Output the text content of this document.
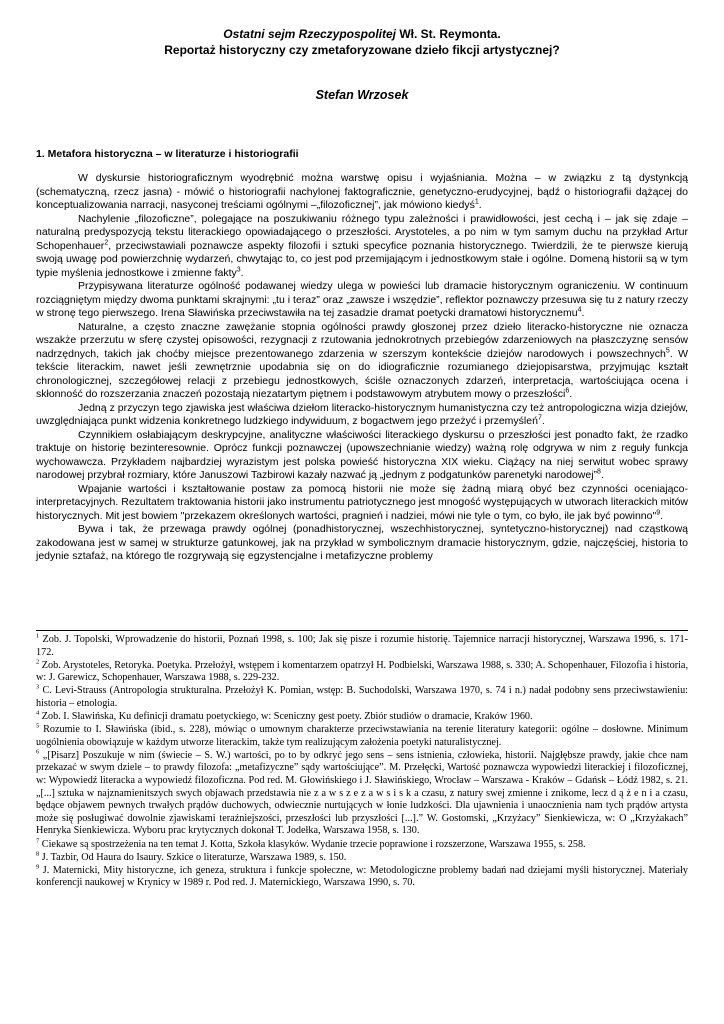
Ostatni sejm Rzeczypospolitej Wł. St. Reymonta.
Reportaż historyczny czy zmetaforyzowane dzieło fikcji artystycznej?
Stefan Wrzosek
1. Metafora historyczna – w literaturze i historiografii

W dyskursie historiograficznym wyodrębnić można warstwę opisu i wyjaśniania. Można – w związku z tą dystynkcją (schematyczną, rzecz jasna) - mówić o historiografii nachylonej faktograficznie, genetyczno-erudycyjnej, bądź o historiografii dążącej do konceptualizowania narracji, nasyconej treściami ogólnymi –„filozoficznej”, jak mówiono kiedyś$^1$.

Nachylenie „filozoficzne”, polegające na poszukiwaniu różnego typu zależności i prawidłowości, jest cechą i – jak się zdaje – naturalną predyspozycją tekstu literackiego opowiadającego o przeszłości. Arystoteles, a po nim w tym samym duchu na przykład Artur Schopenhauer$^2$, przeciwstawiali poznawcze aspekty filozofii i sztuki specyfice poznania historycznego. Twierdzili, że te pierwsze kierują swoją uwagę pod powierzchnię wydarzeń, chwytając to, co jest pod przemijającym i jednostkowym stałe i ogólne. Domeną historii są w tym typie myślenia jednostkowe i zmienne fakty$^3$.

Przypisywana literaturze ogólność podawanej wiedzy ulega w powieści lub dramacie historycznym ograniczeniu. W continuum rozciągniętym między dwoma punktami skrajnymi: „tu i teraz” oraz „zawsze i wszędzie”, reflektor poznawczy przesuwa się tu z natury rzeczy w stronę tego pierwszego. Irena Sławińska przeciwstawiła na tej zasadzie dramat poetycki dramatowi historycznemu$^4$.

Naturalne, a często znaczne zawężanie stopnia ogólności prawdy głoszonej przez dzieło literacko-historyczne nie oznacza wszakże przerzutu w sferę czystej opisowości, rezygnacji z rzutowania jednokrotnych przebiegów zdarzeniowych na płaszczyznę sensów nadrzędnych, takich jak choćby miejsce prezentowanego zdarzenia w szerszym kontekście dziejów narodowych i powszechnych$^5$. W tekście literackim, nawet jeśli zewnętrznie upodabnia się on do idiograficznie rozumianego dziejopisarstwa, przyjmując kształt chronologicznej, szczegółowej relacji z przebiegu jednostkowych, ściśle oznaczonych zdarzeń, interpretacja, wartościująca ocena i skłonność do rozszerzania znaczeń pozostają niezatartym piętnem i podstawowym atrybutem mowy o przeszłości$^6$.

Jedną z przyczyn tego zjawiska jest właściwa dziełom literacko-historycznym humanistyczna czy też antropologiczna wizja dziejów, uwzględniająca punkt widzenia konkretnego ludzkiego indywiduum, z bogactwem jego przeżyć i przemyśleń$^7$.

Czynnikiem osłabiającym deskrypcyjne, analityczne właściwości literackiego dyskursu o przeszłości jest ponadto fakt, że rzadko traktuje on historię bezinteresownie. Oprócz funkcji poznawczej (upowszechnianie wiedzy) ważną rolę odgrywa w nim z reguły funkcja wychowawcza. Przykładem najbardziej wyrazistym jest polska powieść historyczna XIX wieku. Ciążący na niej serwitut wobec sprawy narodowej przybrał rozmiary, które Januszowi Tazbirowi kazały nazwać ją „jednym z podgatunków parenetyki narodowej”$^8$.

Wpajanie wartości i kształtowanie postaw za pomocą historii nie może się żadną miarą obyć bez czynności oceniająco-interpretacyjnych. Rezultatem traktowania historii jako instrumentu patriotycznego jest mnogość występujących w utworach literackich mitów historycznych. Mit jest bowiem "przekazem określonych wartości, pragnień i nadziei, mówi nie tyle o tym, co było, ile jak być powinno"$^9$.

Bywa i tak, że przewaga prawdy ogólnej (ponadhistorycznej, wszechhistorycznej, syntetyczno-historycznej) nad cząstkową zakodowana jest w samej w strukturze gatunkowej, jak na przykład w symbolicznym dramacie historycznym, gdzie, najczęściej, historia to jedynie sztafaż, na którego tle rozgrywają się egzystencjalne i metafizyczne problemy

$^1$ Zob. J. Topolski, Wprowadzenie do historii, Poznań 1998, s. 100; Jak się pisze i rozumie historię. Tajemnice narracji historycznej, Warszawa 1996, s. 171-172.

$^2$ Zob. Arystoteles, Retoryka. Poetyka. Przełożył, wstępem i komentarzem opatrzył H. Podbielski, Warszawa 1988, s. 330; A. Schopenhauer, Filozofia i historia, w: J. Garewicz, Schopenhauer, Warszawa 1988, s. 229-232.

$^3$ C. Levi-Strauss (Antropologia strukturalna. Przełożył K. Pomian, wstęp: B. Suchodolski, Warszawa 1970, s. 74 i n.) nadał podobny sens przeciwstawieniu: historia – etnologia.

$^4$ Zob. I. Sławińska, Ku definicji dramatu poetyckiego, w: Sceniczny gest poety. Zbiór studiów o dramacie, Kraków 1960.

$^5$ Rozumie to I. Sławińska (ibid., s. 228), mówiąc o umownym charakterze przeciwstawiania na terenie literatury kategorii: ogólne – dosłowne. Minimum uogólnienia obowiązuje w każdym utworze literackim, także tym realizującym założenia poetyki naturalistycznej.

$^6$ „[Pisarz] Poszukuje w nim (świecie – S. W.) wartości, po to by odkryć jego sens – sens istnienia, człowieka, historii. Najgłębsze prawdy, jakie chce nam przekazać w swym dziele – to prawdy filozofa: „metafizyczne” sądy wartościujące”. M. Przełęcki, Wartość poznawcza wypowiedzi literackiej i filozoficznej, w: Wypowiedź literacka a wypowiedź filozoficzna. Pod red. M. Głowińskiego i J. Sławińskiego, Wrocław – Warszawa - Kraków – Gdańsk – Łódź 1982, s. 21. „[...] sztuka w najznamienitszych swych objawach przedstawia nie z a w s z e z a w s i s k a czasu, z natury swej zmienne i znikome, lecz d ą ż e n i a czasu, będące objawem pewnych trwałych prądów duchowych, odwiecznie nurtujących w łonie ludzkości. Dla ujawnienia i unaocznienia nam tych prądów artysta może się posługiwać dowolnie zjawiskami teraźniejszości, przeszłości lub przyszłości [...].” W. Gostomski, „Krzyżacy” Sienkiewicza, w: O „Krzyżakach” Henryka Sienkiewicza. Wyboru prac krytycznych dokonał T. Jodełka, Warszawa 1958, s. 130.

$^7$ Ciekawe są spostrzeżenia na ten temat J. Kotta, Szkoła klasyków. Wydanie trzecie poprawione i rozszerzone, Warszawa 1955, s. 258.

$^8$ J. Tazbir, Od Haura do Isaury. Szkice o literaturze, Warszawa 1989, s. 150.

$^9$ J. Maternicki, Mity historyczne, ich geneza, struktura i funkcje społeczne, w: Metodologiczne problemy badań nad dziejami myśli historycznej. Materiały konferencji naukowej w Krynicy w 1989 r. Pod red. J. Maternickiego, Warszawa 1990, s. 70.
